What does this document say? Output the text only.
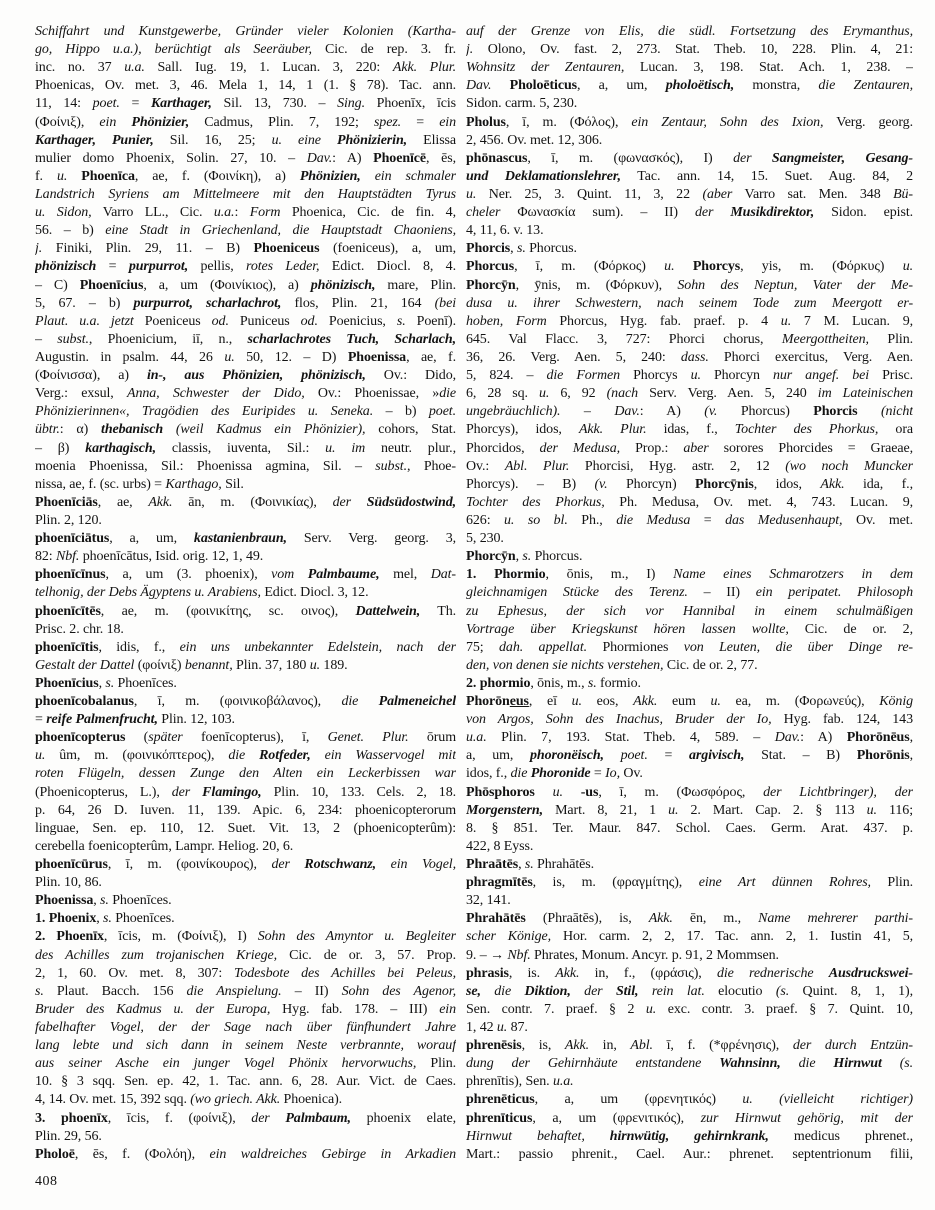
Schiffahrt und Kunstgewerbe, Gründer vieler Kolonien (Kartha-
go, Hippo u.a.), berüchtigt als Seeräuber, Cic. de rep. 3. fr.
inc. no. 37 u.a. Sall. Iug. 19, 1. Lucan. 3, 220: Akk. Plur.
Phoenicas, Ov. met. 3, 46. Mela 1, 14, 1 (1. § 78). Tac. ann.
11, 14: poet. = Karthager, Sil. 13, 730. – Sing. Phoenīx, īcis
(Φοίνιξ), ein Phönizier, Cadmus, Plin. 7, 192; spez. = ein
Karthager, Punier, Sil. 16, 25; u. eine Phönizierin, Elissa
mulier domo Phoenix, Solin. 27, 10. – Dav.: A) Phoenīcē, ēs,
f. u. Phoenīca, ae, f. (Φοινίκη), a) Phönizien, ein schmaler
Landstrich Syriens am Mittelmeere mit den Hauptstädten Tyrus
u. Sidon, Varro LL., Cic. u.a.: Form Phoenica, Cic. de fin. 4,
56. – b) eine Stadt in Griechenland, die Hauptstadt Chaoniens,
j. Finiki, Plin. 29, 11. – B) Phoeniceus (foeniceus), a, um,
phönizisch = purpurrot, pellis, rotes Leder, Edict. Diocl. 8, 4.
– C) Phoenīcius, a, um (Φοινίκιος), a) phönizisch, mare, Plin.
5, 67. – b) purpurrot, scharlachrot, flos, Plin. 21, 164 (bei
Plaut. u.a. jetzt Poeniceus od. Puniceus od. Poenicius, s. Poenī).
– subst., Phoenicium, iī, n., scharlachrotes Tuch, Scharlach,
Augustin. in psalm. 44, 26 u. 50, 12. – D) Phoenissa, ae, f.
(Φοίνισσα), a) in-, aus Phönizien, phönizisch, Ov.: Dido,
Verg.: exsul, Anna, Schwester der Dido, Ov.: Phoenissae, »die
Phönizierinnen«, Tragödien des Euripides u. Seneka. – b) poet.
übtr.: α) thebanisch (weil Kadmus ein Phönizier), cohors, Stat.
– β) karthagisch, classis, iuventa, Sil.: u. im neutr. plur.,
moenia Phoenissa, Sil.: Phoenissa agmina, Sil. – subst., Phoe-
nissa, ae, f. (sc. urbs) = Karthago, Sil.
Phoenīciās, ae, Akk. ān, m. (Φοινικίας), der Südsüdostwind,
Plin. 2, 120.
phoenīciātus, a, um, kastanienbraun, Serv. Verg. georg. 3,
82: Nbf. phoenīcātus, Isid. orig. 12, 1, 49.
phoenīcīnus, a, um (3. phoenix), vom Palmbaume, mel, Dat-
telhonig, der Debs Ägyptens u. Arabiens, Edict. Diocl. 3, 12.
phoenīcītēs, ae, m. (φοινικίτης, sc. οινος), Dattelwein, Th.
Prisc. 2. chr. 18.
phoenīcītis, idis, f., ein uns unbekannter Edelstein, nach der
Gestalt der Dattel (φοίνιξ) benannt, Plin. 37, 180 u. 189.
Phoenīcius, s. Phoenīces.
phoenīcobalanus, ī, m. (φοινικοβάλανος), die Palmeneichel
= reife Palmenfrucht, Plin. 12, 103.
phoenīcopterus (später foenīcopterus), ī, Genet. Plur. ōrum
u. ûm, m. (φοινικόπτερος), die Rotfeder, ein Wasservogel mit
roten Flügeln, dessen Zunge den Alten ein Leckerbissen war
(Phoenicopterus, L.), der Flamingo, Plin. 10, 133. Cels. 2, 18.
p. 64, 26 D. Iuven. 11, 139. Apic. 6, 234: phoenicopterorum
linguae, Sen. ep. 110, 12. Suet. Vit. 13, 2 (phoenicopterûm):
cerebella foenicopterûm, Lampr. Heliog. 20, 6.
phoenīcūrus, ī, m. (φοινίκουρος), der Rotschwanz, ein Vogel,
Plin. 10, 86.
Phoenissa, s. Phoenīces.
1. Phoenix, s. Phoenīces.
2. Phoenīx, īcis, m. (Φοίνιξ), I) Sohn des Amyntor u. Begleiter
des Achilles zum trojanischen Kriege, Cic. de or. 3, 57. Prop.
2, 1, 60. Ov. met. 8, 307: Todesbote des Achilles bei Peleus,
s. Plaut. Bacch. 156 die Anspielung. – II) Sohn des Agenor,
Bruder des Kadmus u. der Europa, Hyg. fab. 178. – III) ein
fabelhafter Vogel, der der Sage nach über fünfhundert Jahre
lang lebte und sich dann in seinem Neste verbrannte, worauf
aus seiner Asche ein junger Vogel Phönix hervorwuchs, Plin.
10. § 3 sqq. Sen. ep. 42, 1. Tac. ann. 6, 28. Aur. Vict. de Caes.
4, 14. Ov. met. 15, 392 sqq. (wo griech. Akk. Phoenica).
3. phoenīx, īcis, f. (φοίνιξ), der Palmbaum, phoenix elate,
Plin. 29, 56.
Pholoē, ēs, f. (Φολόη), ein waldreiches Gebirge in Arkadien
auf der Grenze von Elis, die südl. Fortsetzung des Erymanthus,
j. Olono, Ov. fast. 2, 273. Stat. Theb. 10, 228. Plin. 4, 21:
Wohnsitz der Zentauren, Lucan. 3, 198. Stat. Ach. 1, 238. –
Dav. Pholoēticus, a, um, pholoëtisch, monstra, die Zentauren,
Sidon. carm. 5, 230.
Pholus, ī, m. (Φόλος), ein Zentaur, Sohn des Ixion, Verg. georg.
2, 456. Ov. met. 12, 306.
phōnascus, ī, m. (φωνασκός), I) der Sangmeister, Gesang-
und Deklamationslehrer, Tac. ann. 14, 15. Suet. Aug. 84, 2
u. Ner. 25, 3. Quint. 11, 3, 22 (aber Varro sat. Men. 348 Bü-
cheler Φωνασκία sum). – II) der Musikdirektor, Sidon. epist.
4, 11, 6. v. 13.
Phorcis, s. Phorcus.
Phorcus, ī, m. (Φόρκος) u. Phorcys, yis, m. (Φόρκυς) u.
Phorcȳn, ȳnis, m. (Φόρκυν), Sohn des Neptun, Vater der Me-
dusa u. ihrer Schwestern, nach seinem Tode zum Meergott er-
hoben, Form Phorcus, Hyg. fab. praef. p. 4 u. 7 M. Lucan. 9,
645. Val Flacc. 3, 727: Phorci chorus, Meergottheiten, Plin.
36, 26. Verg. Aen. 5, 240: dass. Phorci exercitus, Verg. Aen.
5, 824. – die Formen Phorcys u. Phorcyn nur angef. bei Prisc.
6, 28 sq. u. 6, 92 (nach Serv. Verg. Aen. 5, 240 im Lateinischen
ungebräuchlich). – Dav.: A) (v. Phorcus) Phorcis (nicht
Phorcys), idos, Akk. Plur. idas, f., Tochter des Phorkus, ora
Phorcidos, der Medusa, Prop.: aber sorores Phorcides = Graeae,
Ov.: Abl. Plur. Phorcisi, Hyg. astr. 2, 12 (wo noch Muncker
Phorcys). – B) (v. Phorcyn) Phorcȳnis, idos, Akk. ida, f.,
Tochter des Phorkus, Ph. Medusa, Ov. met. 4, 743. Lucan. 9,
626: u. so bl. Ph., die Medusa = das Medusenhaupt, Ov. met.
5, 230.
Phorcȳn, s. Phorcus.
1. Phormio, ōnis, m., I) Name eines Schmarotzers in dem
gleichnamigen Stücke des Terenz. – II) ein peripatet. Philosoph
zu Ephesus, der sich vor Hannibal in einem schulmäßigen
Vortrage über Kriegskunst hören lassen wollte, Cic. de or. 2,
75; dah. appellat. Phormiones von Leuten, die über Dinge re-
den, von denen sie nichts verstehen, Cic. de or. 2, 77.
2. phormio, ōnis, m., s. formio.
Phorōneus, eī u. eos, Akk. eum u. ea, m. (Φορωνεύς), König
von Argos, Sohn des Inachus, Bruder der Io, Hyg. fab. 124, 143
u.a. Plin. 7, 193. Stat. Theb. 4, 589. – Dav.: A) Phorōnēus,
a, um, phoronëisch, poet. = argivisch, Stat. – B) Phorōnis,
idos, f., die Phoronide = Io, Ov.
Phōsphoros u. -us, ī, m. (Φωσφόρος, der Lichtbringer), der
Morgenstern, Mart. 8, 21, 1 u. 2. Mart. Cap. 2. § 113 u. 116;
8. § 851. Ter. Maur. 847. Schol. Caes. Germ. Arat. 437. p.
422, 8 Eyss.
Phraātēs, s. Phrahātēs.
phragmītēs, is, m. (φραγμίτης), eine Art dünnen Rohres, Plin.
32, 141.
Phrahātēs (Phraātēs), is, Akk. ēn, m., Name mehrerer parthi-
scher Könige, Hor. carm. 2, 2, 17. Tac. ann. 2, 1. Iustin 41, 5,
9. – → Nbf. Phrates, Monum. Ancyr. p. 91, 2 Mommsen.
phrasis, is. Akk. in, f., (φράσις), die rednerische Ausdruckswei-
se, die Diktion, der Stil, rein lat. elocutio (s. Quint. 8, 1, 1),
Sen. contr. 7. praef. § 2 u. exc. contr. 3. praef. § 7. Quint. 10,
1, 42 u. 87.
phrenēsis, is, Akk. in, Abl. ī, f. (*φρένησις), der durch Entzün-
dung der Gehirnhäute entstandene Wahnsinn, die Hirnwut (s.
phrenītis), Sen. u.a.
phrenēticus, a, um (φρενητικός) u. (vielleicht richtiger)
phrenīticus, a, um (φρενιτικός), zur Hirnwut gehörig, mit der
Hirnwut behaftet, hirnwütig, gehirnkrank, medicus phrenet.,
Mart.: passio phrenit., Cael. Aur.: phrenet. septentrionum filii,
408
